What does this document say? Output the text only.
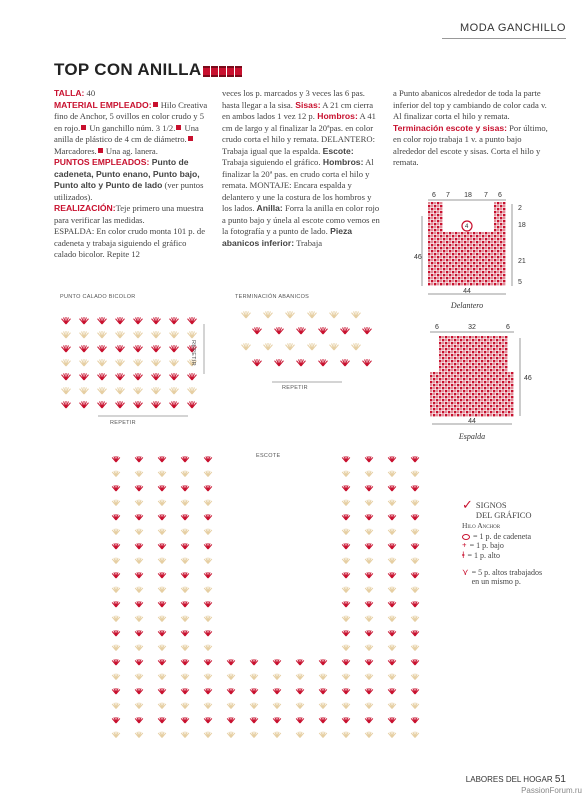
MODA GANCHILLO
TOP CON ANILLA

TALLA: 40

MATERIAL EMPLEADO: Hilo Creativa fino de Anchor, 5 ovillos en color crudo y 5 en rojo. Un ganchillo núm. 3 1/2. Una anilla de plástico de 4 cm de diámetro. Marcadores. Una ag. lanera.

PUNTOS EMPLEADOS: Punto de cadeneta, Punto enano, Punto bajo, Punto alto y Punto de lado (ver puntos utilizados).

REALIZACIÓN:Teje primero una muestra para verificar las medidas.

ESPALDA: En color crudo monta 101 p. de cadeneta y trabaja siguiendo el gráfico calado bicolor. Repite 12

veces los p. marcados y 3 veces las 6 pas. hasta llegar a la sisa. Sisas: A 21 cm cierra en ambos lados 1 vez 12 p. Hombros: A 41 cm de largo y al finalizar la 20ªpas. en color crudo corta el hilo y remata. DELANTERO: Trabaja igual que la espalda. Escote: Trabaja siguiendo el gráfico. Hombros: Al finalizar la 20ª pas. en crudo corta el hilo y remata. MONTAJE: Encara espalda y delantero y une la costura de los hombros y los lados. Anilla: Forra la anilla en color rojo a punto bajo y únela al escote como vemos en la fotografía y a punto de lado. Pieza abanicos inferior: Trabaja

a Punto abanicos alrededor de toda la parte inferior del top y cambiando de color cada v. Al finalizar corta el hilo y remata. Terminación escote y sisas: Por último, en color rojo trabaja 1 v. a punto bajo alrededor del escote y sisas. Corta el hilo y remata.

6 7 18 7 6
2
18
21
5
4
46
44
Delantero
6	32	6
46
44
Espalda
PUNTO CALADO BICOLOR
REPETIR
REPETIR
TERMINACIÓN ABANICOS
REPETIR
ESCOTE
✓ SIGNOS
DEL GRÁFICO
Hilo Anchor
= 1 p. de cadeneta
+ = 1 p. bajo
ǂ = 1 p. alto
⋎ = 5 p. altos trabajados en un mismo p.
LABORES DEL HOGAR 51
PassionForum.ru
